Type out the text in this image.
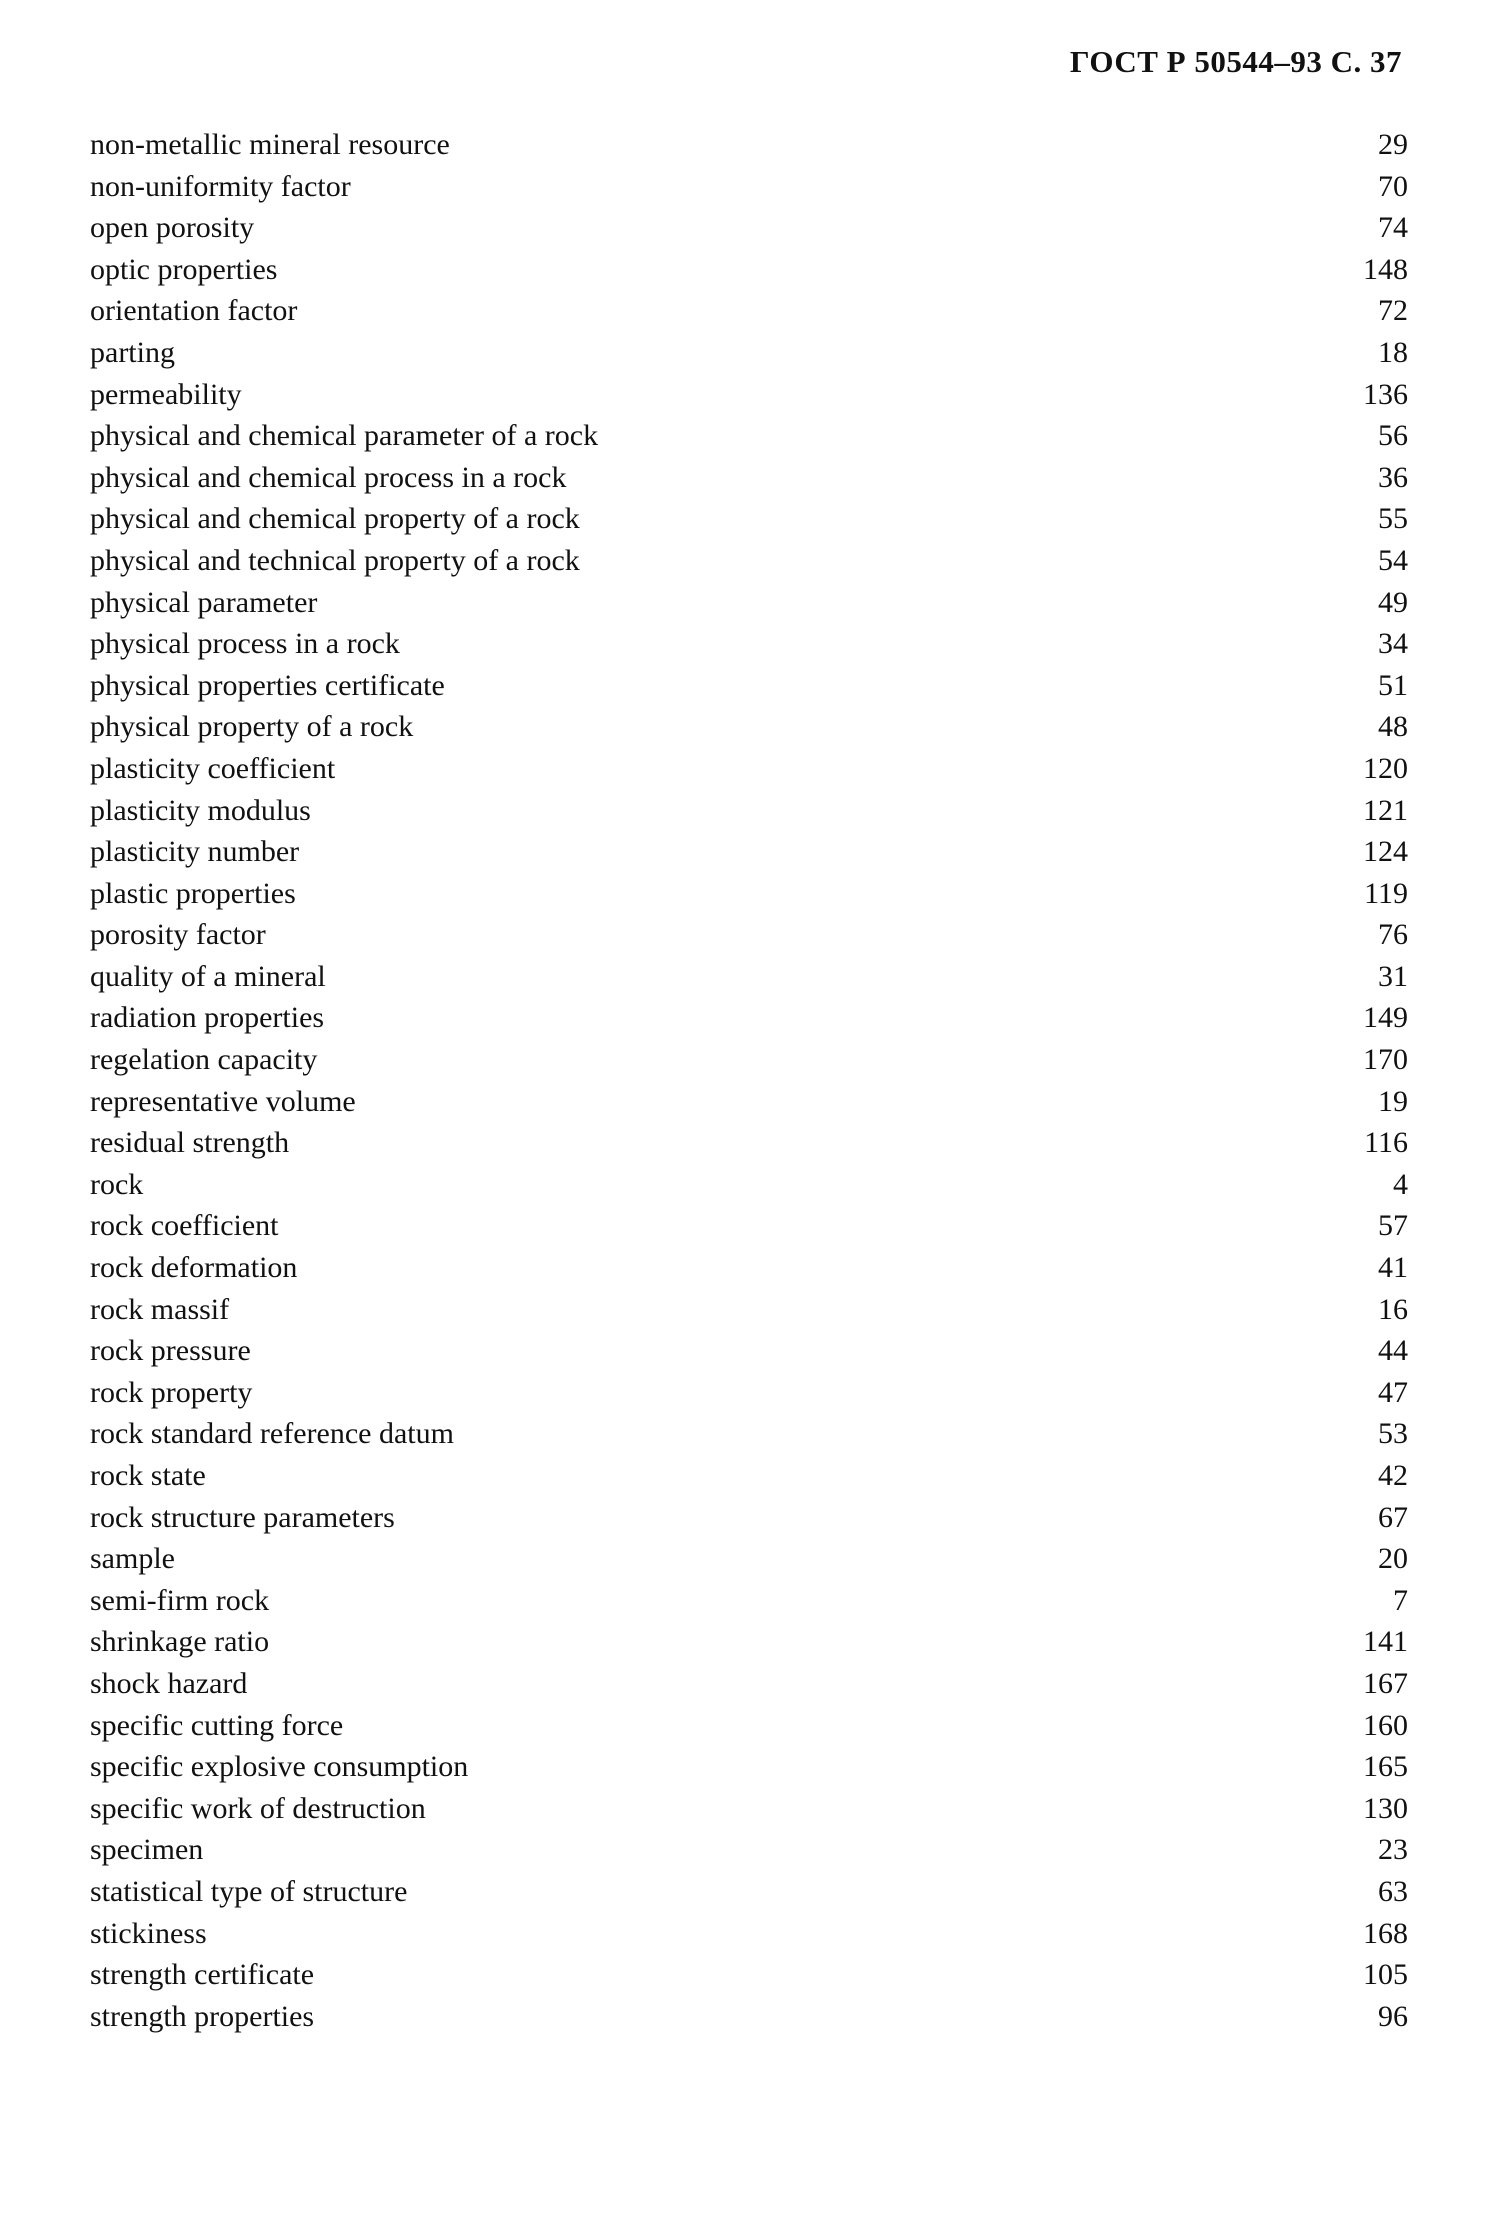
ГОСТ Р 50544–93 С. 37
non-metallic mineral resource	29
non-uniformity factor	70
open porosity	74
optic properties	148
orientation factor	72
parting	18
permeability	136
physical and chemical parameter of a rock	56
physical and chemical process in a rock	36
physical and chemical property of a rock	55
physical and technical property of a rock	54
physical parameter	49
physical process in a rock	34
physical properties certificate	51
physical property of a rock	48
plasticity coefficient	120
plasticity modulus	121
plasticity number	124
plastic properties	119
porosity factor	76
quality of a mineral	31
radiation properties	149
regelation capacity	170
representative volume	19
residual strength	116
rock	4
rock coefficient	57
rock deformation	41
rock massif	16
rock pressure	44
rock property	47
rock standard reference datum	53
rock state	42
rock structure parameters	67
sample	20
semi-firm rock	7
shrinkage ratio	141
shock hazard	167
specific cutting force	160
specific explosive consumption	165
specific work of destruction	130
specimen	23
statistical type of structure	63
stickiness	168
strength certificate	105
strength properties	96
